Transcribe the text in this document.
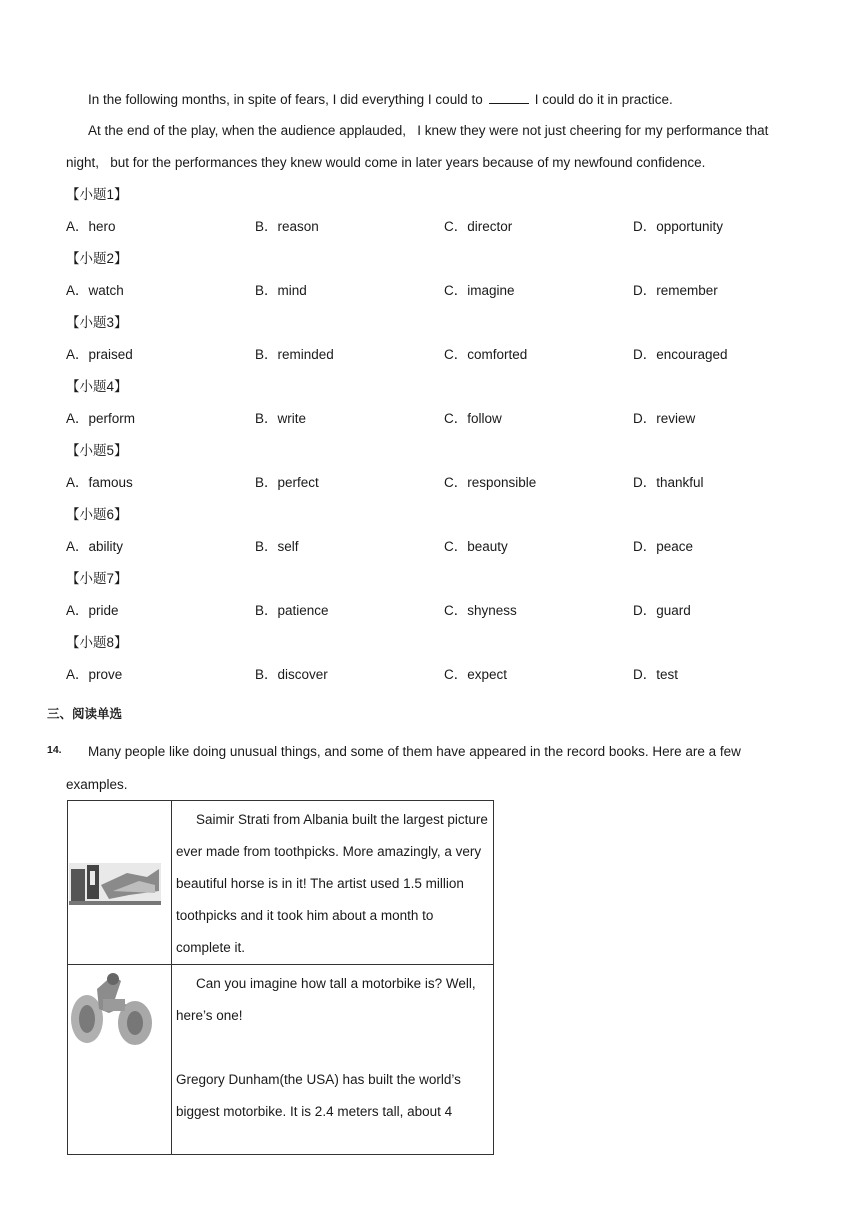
In the following months, in spite of fears, I did everything I could to	I could do it in practice.
At the end of the play, when the audience applauded,   I knew they were not just cheering for my performance that
night,   but for the performances they knew would come in later years because of my newfound confidence.
【小题1】
A．hero	B．reason	C．director	D．opportunity
【小题2】
A．watch	B．mind	C．imagine	D．remember
【小题3】
A．praised	B．reminded	C．comforted	D．encouraged
【小题4】
A．perform	B．write	C．follow	D．review
【小题5】
A．famous	B．perfect	C．responsible	D．thankful
【小题6】
A．ability	B．self	C．beauty	D．peace
【小题7】
A．pride	B．patience	C．shyness	D．guard
【小题8】
A．prove	B．discover	C．expect	D．test
三、阅读单选
14. Many people like doing unusual things, and some of them have appeared in the record books. Here are a few
examples.
	Saimir Strati from Albania built the largest picture ever made from toothpicks. More amazingly, a very beautiful horse is in it! The artist used 1.5 million toothpicks and it took him about a month to complete it.

	Can you imagine how tall a motorbike is? Well, here’s one!
Gregory Dunham(the USA) has built the world’s biggest motorbike. It is 2.4 meters tall, about 4
